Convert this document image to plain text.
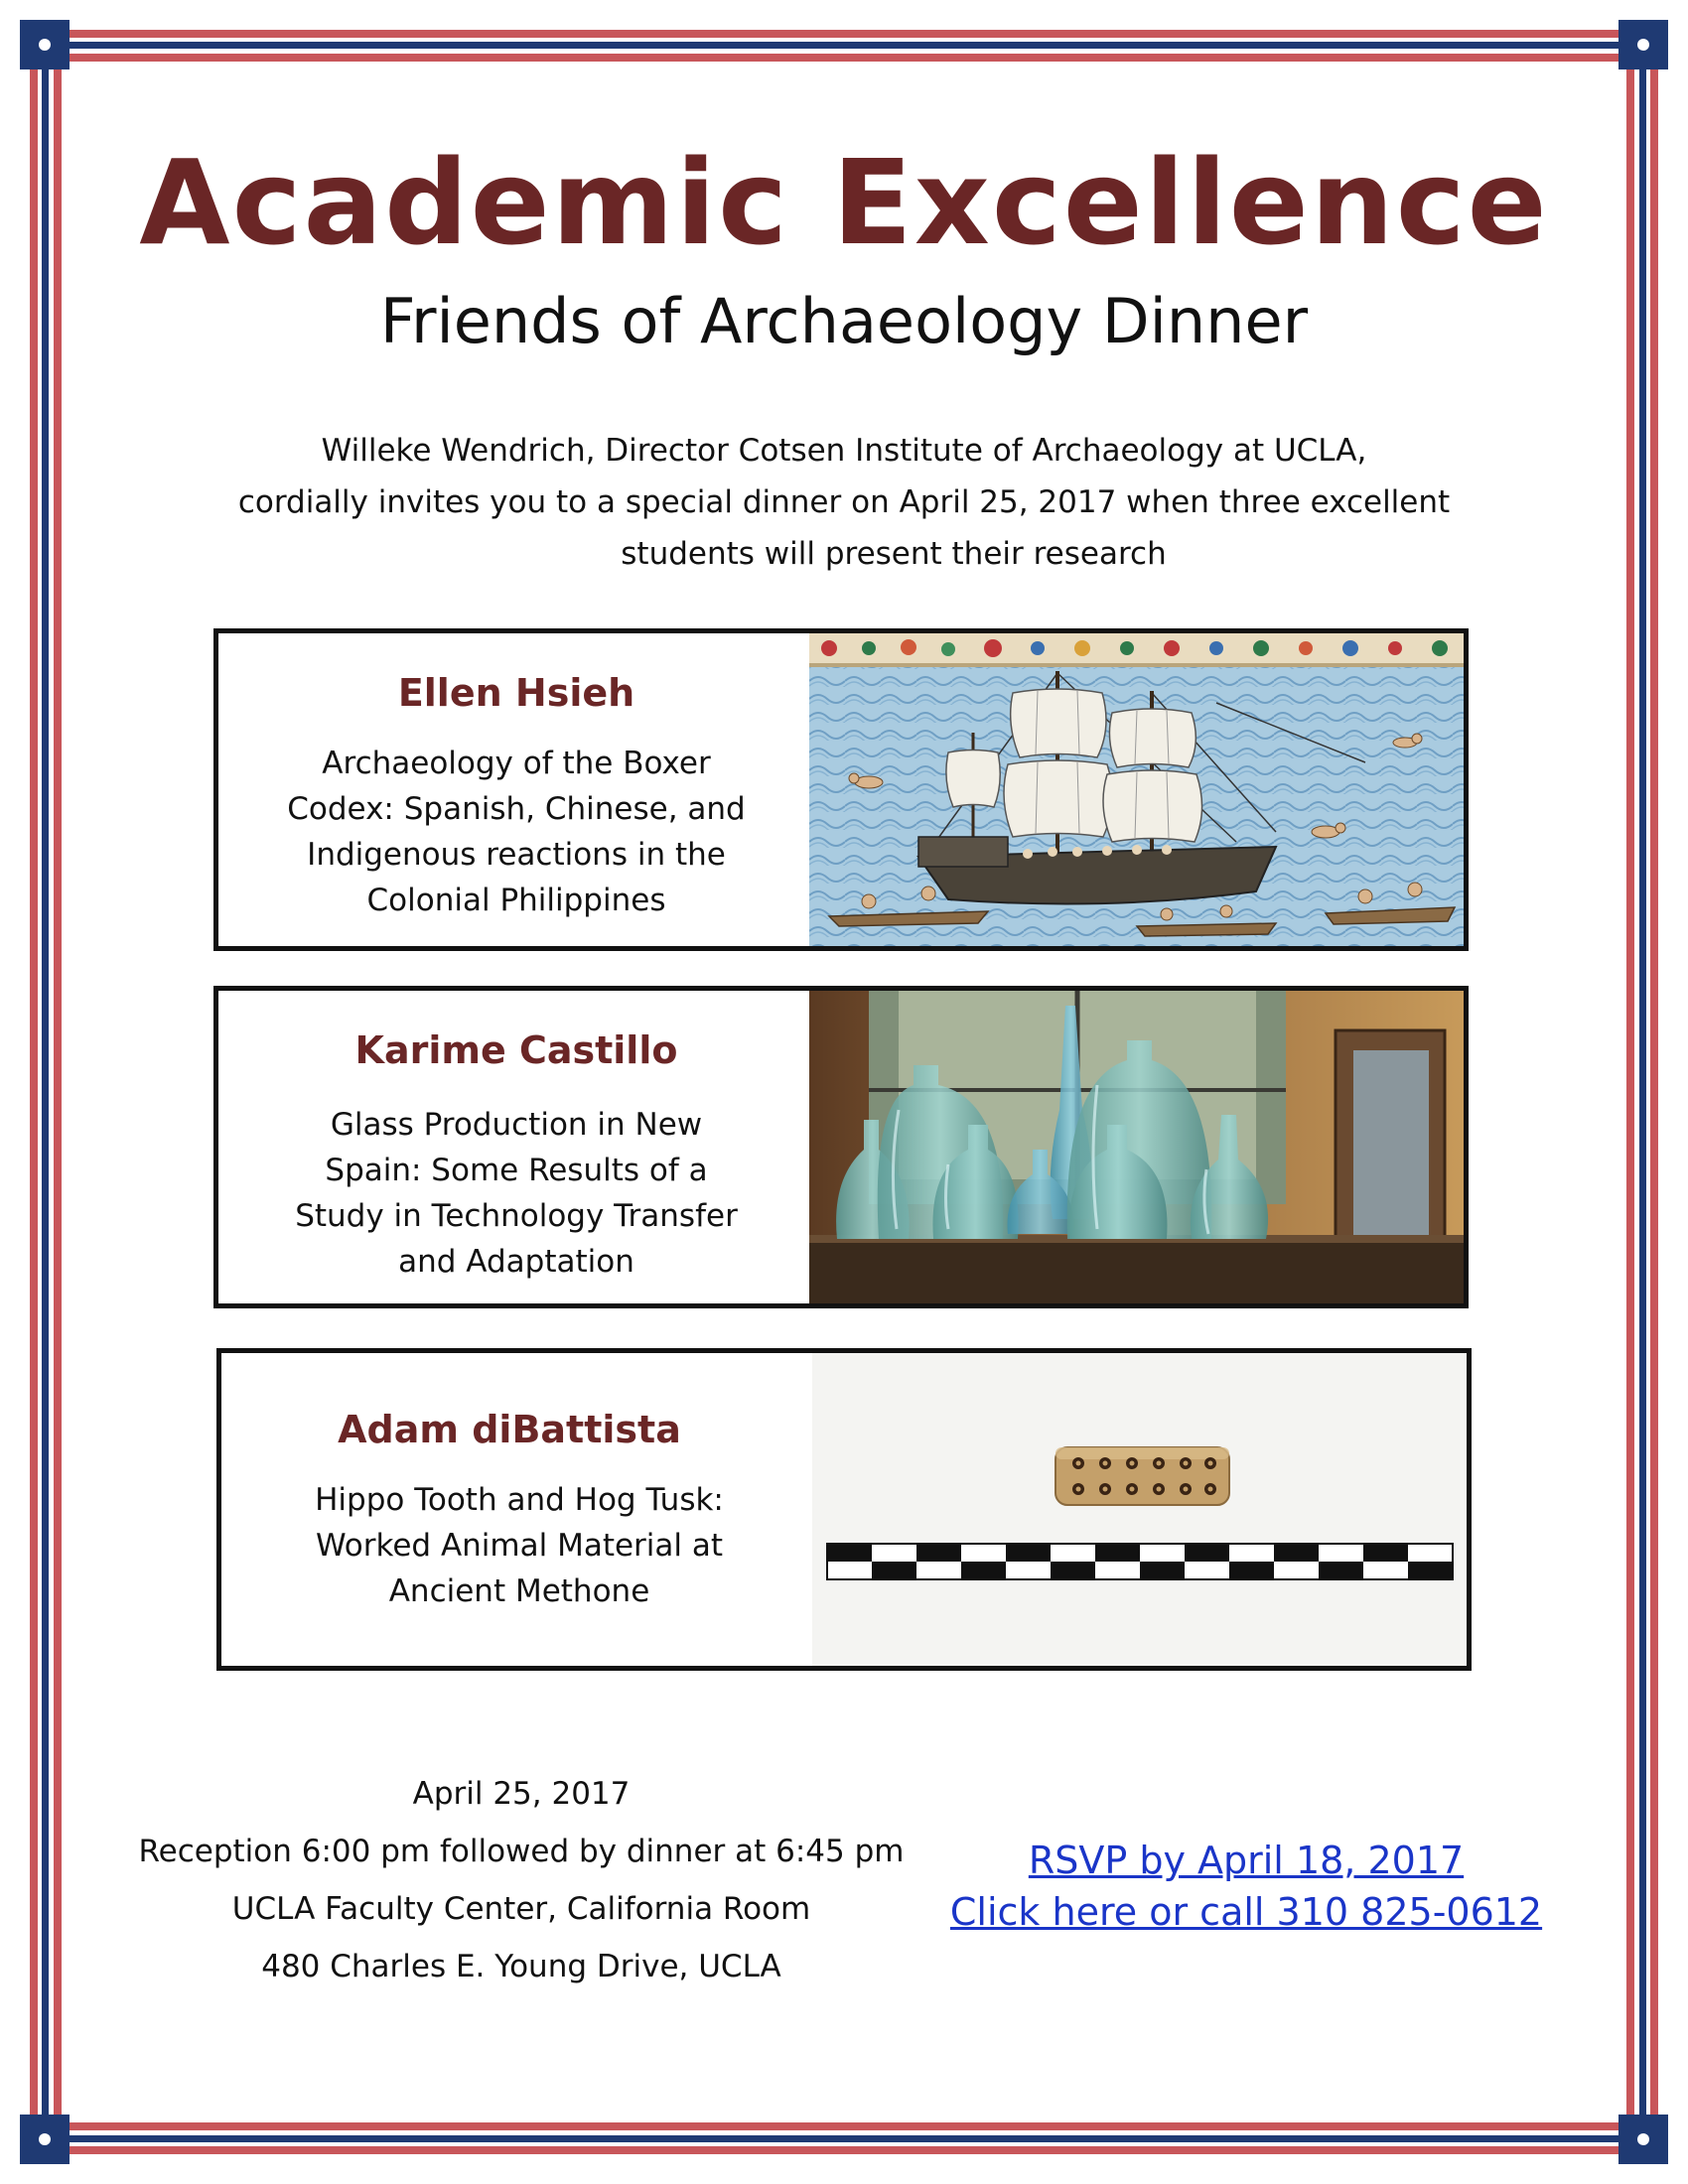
Academic Excellence
Friends of Archaeology Dinner
Willeke Wendrich, Director Cotsen Institute of Archaeology at UCLA,
cordially invites you to a special dinner on April 25, 2017 when three excellent
students will present their research
Ellen Hsieh
Archaeology of the Boxer
Codex: Spanish, Chinese, and
Indigenous reactions in the
Colonial Philippines
Karime Castillo
Glass Production in New
Spain: Some Results of a
Study in Technology Transfer
and Adaptation
Adam diBattista
Hippo Tooth and Hog Tusk:
Worked Animal Material at
Ancient Methone
April 25, 2017
Reception 6:00 pm followed by dinner at 6:45 pm
UCLA Faculty Center, California Room
480 Charles E. Young Drive, UCLA
RSVP by April 18, 2017
Click here or call 310 825-0612
